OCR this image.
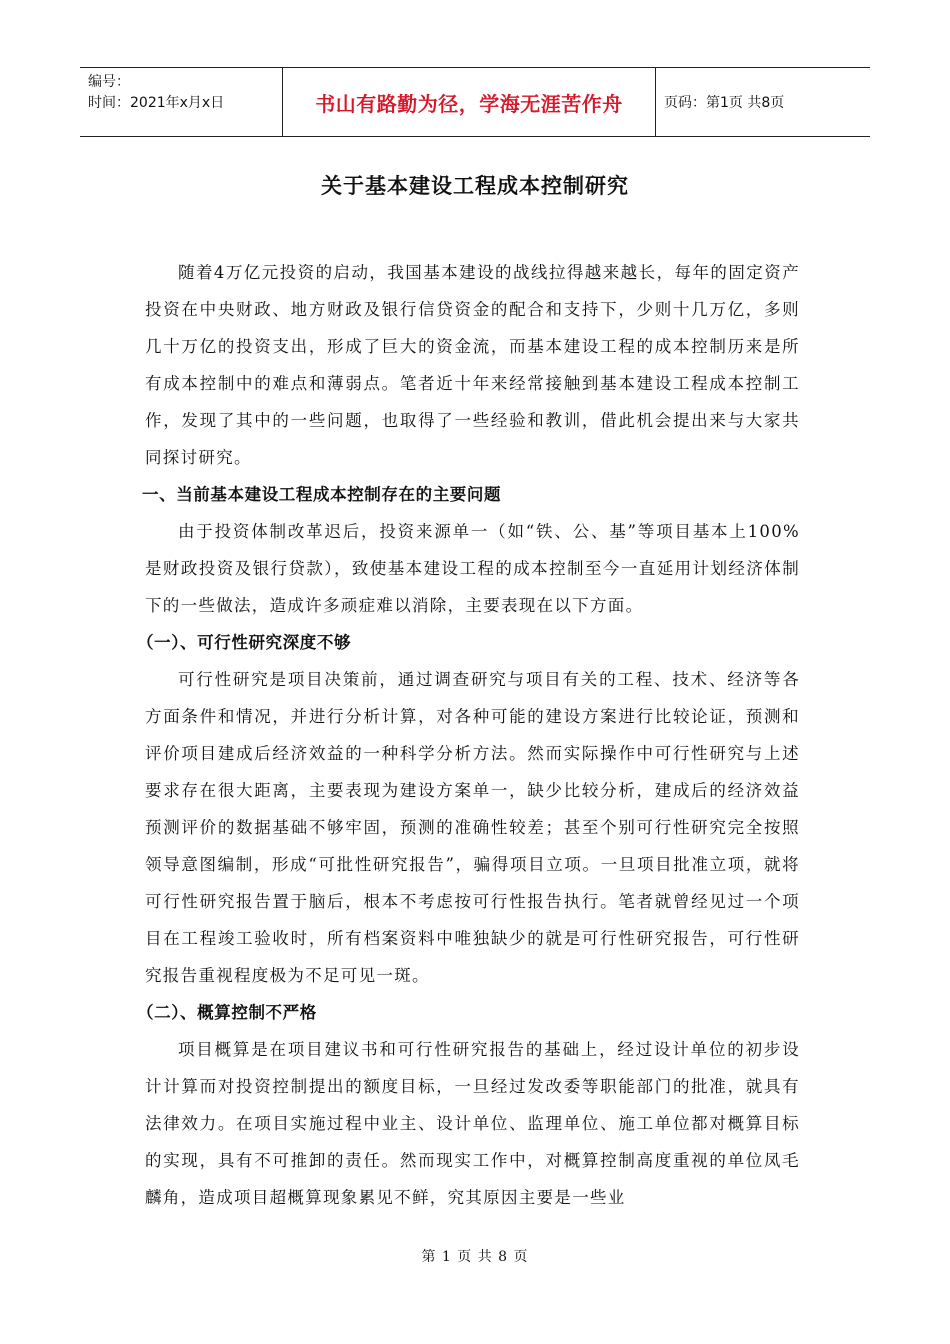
编号：
时间：2021年x月x日	书山有路勤为径，学海无涯苦作舟	页码：第1页 共8页
关于基本建设工程成本控制研究

随着4万亿元投资的启动，我国基本建设的战线拉得越来越长，每年的固定资产投资在中央财政、地方财政及银行信贷资金的配合和支持下，少则十几万亿，多则几十万亿的投资支出，形成了巨大的资金流，而基本建设工程的成本控制历来是所有成本控制中的难点和薄弱点。笔者近十年来经常接触到基本建设工程成本控制工作，发现了其中的一些问题，也取得了一些经验和教训，借此机会提出来与大家共同探讨研究。

一、当前基本建设工程成本控制存在的主要问题

由于投资体制改革迟后，投资来源单一（如“铁、公、基”等项目基本上100%是财政投资及银行贷款），致使基本建设工程的成本控制至今一直延用计划经济体制下的一些做法，造成许多顽症难以消除，主要表现在以下方面。

（一）、可行性研究深度不够

可行性研究是项目决策前，通过调查研究与项目有关的工程、技术、经济等各方面条件和情况，并进行分析计算，对各种可能的建设方案进行比较论证，预测和评价项目建成后经济效益的一种科学分析方法。然而实际操作中可行性研究与上述要求存在很大距离，主要表现为建设方案单一，缺少比较分析，建成后的经济效益预测评价的数据基础不够牢固，预测的准确性较差；甚至个别可行性研究完全按照领导意图编制，形成“可批性研究报告”，骗得项目立项。一旦项目批准立项，就将可行性研究报告置于脑后，根本不考虑按可行性报告执行。笔者就曾经见过一个项目在工程竣工验收时，所有档案资料中唯独缺少的就是可行性研究报告，可行性研究报告重视程度极为不足可见一斑。

（二）、概算控制不严格

项目概算是在项目建议书和可行性研究报告的基础上，经过设计单位的初步设计计算而对投资控制提出的额度目标，一旦经过发改委等职能部门的批准，就具有法律效力。在项目实施过程中业主、设计单位、监理单位、施工单位都对概算目标的实现，具有不可推卸的责任。然而现实工作中，对概算控制高度重视的单位凤毛麟角，造成项目超概算现象累见不鲜，究其原因主要是一些业

第 1 页 共 8 页
